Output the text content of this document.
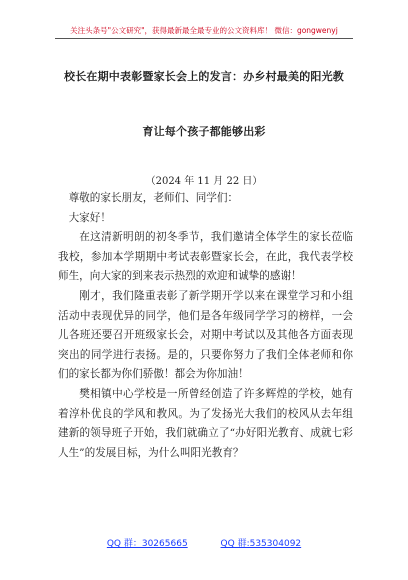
关注头条号"公文研究"，获得最新最全最专业的公文资料库！ 微信：gongwenyj
校长在期中表彰暨家长会上的发言：办乡村最美的阳光教
育让每个孩子都能够出彩
（2024 年 11 月 22 日）

尊敬的家长朋友，老师们、同学们：

大家好！

在这清新明朗的初冬季节，我们邀请全体学生的家长莅临我校，参加本学期期中考试表彰暨家长会，在此，我代表学校师生，向大家的到来表示热烈的欢迎和诚挚的感谢！

刚才，我们隆重表彰了新学期开学以来在课堂学习和小组活动中表现优异的同学，他们是各年级同学学习的榜样，一会儿各班还要召开班级家长会，对期中考试以及其他各方面表现突出的同学进行表扬。是的，只要你努力了我们全体老师和你们的家长都为你们骄傲！都会为你加油！

樊相镇中心学校是一所曾经创造了许多辉煌的学校，她有着淳朴优良的学风和教风。为了发扬光大我们的校风从去年组建新的领导班子开始，我们就确立了“办好阳光教育、成就七彩人生”的发展目标，为什么叫阳光教育？

QQ 群：30265665	QQ 群:535304092
